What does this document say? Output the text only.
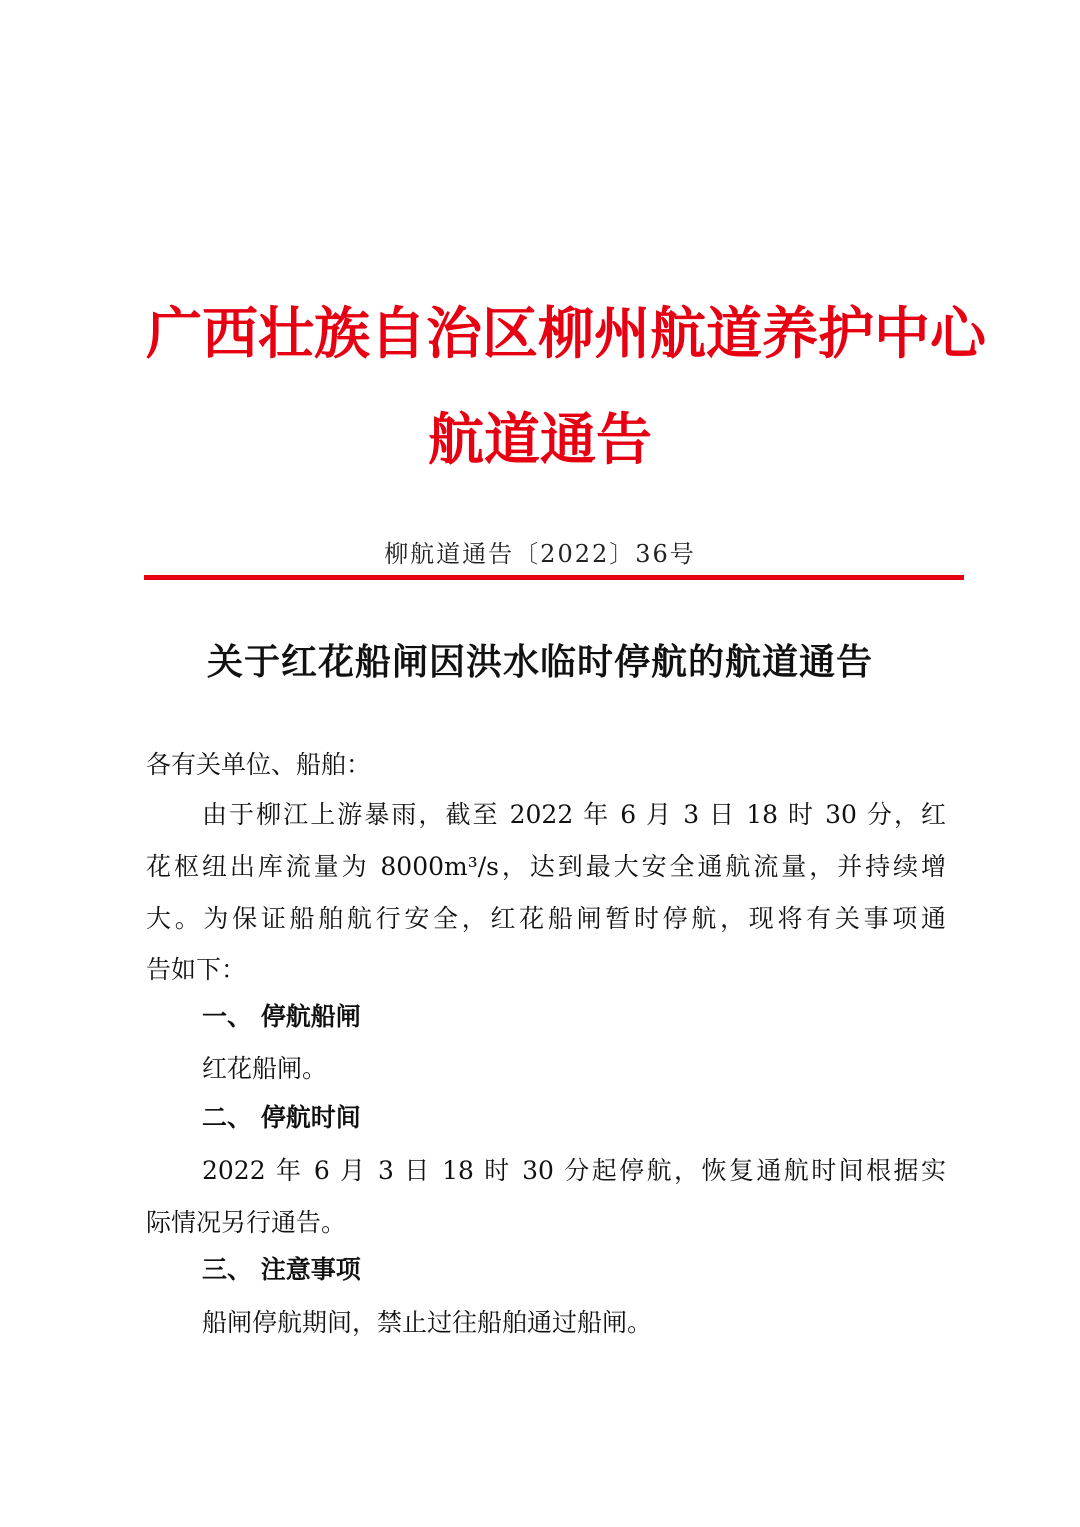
广西壮族自治区柳州航道养护中心
航道通告
柳航道通告〔2022〕36号
关于红花船闸因洪水临时停航的航道通告
各有关单位、船舶：
由于柳江上游暴雨，截至 2022 年 6 月 3 日 18 时 30 分，红
花枢纽出库流量为 8000m³/s，达到最大安全通航流量，并持续增
大。为保证船舶航行安全，红花船闸暂时停航，现将有关事项通
告如下：
一、 停航船闸
红花船闸。
二、 停航时间
2022 年 6 月 3 日 18 时 30 分起停航，恢复通航时间根据实
际情况另行通告。
三、 注意事项
船闸停航期间，禁止过往船舶通过船闸。
